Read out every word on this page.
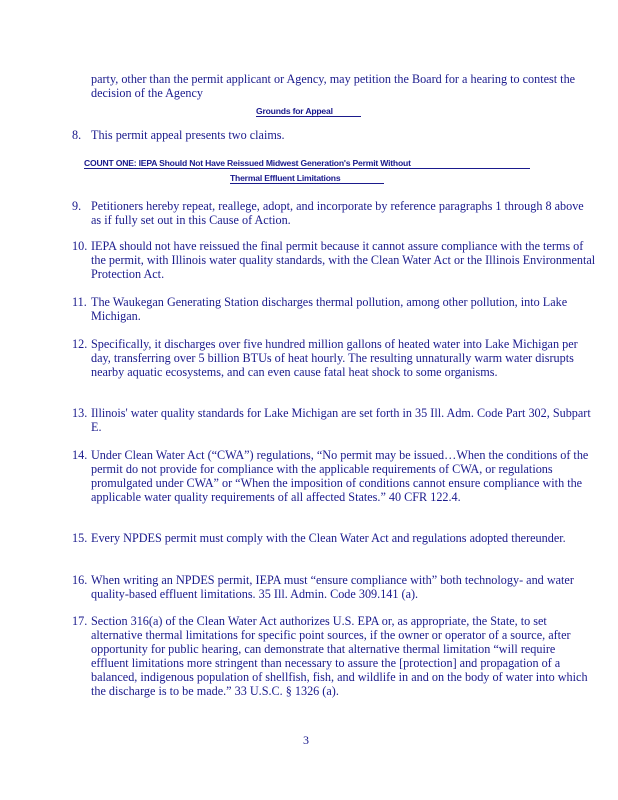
party, other than the permit applicant or Agency, may petition the Board for a hearing to contest the decision of the Agency
Grounds for Appeal
8. This permit appeal presents two claims.
COUNT ONE: IEPA Should Not Have Reissued Midwest Generation's Permit Without
Thermal Effluent Limitations
9. Petitioners hereby repeat, reallege, adopt, and incorporate by reference paragraphs 1 through 8 above as if fully set out in this Cause of Action.
10. IEPA should not have reissued the final permit because it cannot assure compliance with the terms of the permit, with Illinois water quality standards, with the Clean Water Act or the Illinois Environmental Protection Act.
11. The Waukegan Generating Station discharges thermal pollution, among other pollution, into Lake Michigan.
12. Specifically, it discharges over five hundred million gallons of heated water into Lake Michigan per day, transferring over 5 billion BTUs of heat hourly. The resulting unnaturally warm water disrupts nearby aquatic ecosystems, and can even cause fatal heat shock to some organisms.
13. Illinois' water quality standards for Lake Michigan are set forth in 35 Ill. Adm. Code Part 302, Subpart E.
14. Under Clean Water Act (“CWA”) regulations, “No permit may be issued…When the conditions of the permit do not provide for compliance with the applicable requirements of CWA, or regulations promulgated under CWA” or “When the imposition of conditions cannot ensure compliance with the applicable water quality requirements of all affected States.” 40 CFR 122.4.
15. Every NPDES permit must comply with the Clean Water Act and regulations adopted thereunder.
16. When writing an NPDES permit, IEPA must “ensure compliance with” both technology- and water quality-based effluent limitations. 35 Ill. Admin. Code 309.141 (a).
17. Section 316(a) of the Clean Water Act authorizes U.S. EPA or, as appropriate, the State, to set alternative thermal limitations for specific point sources, if the owner or operator of a source, after opportunity for public hearing, can demonstrate that alternative thermal limitation “will require effluent limitations more stringent than necessary to assure the [protection] and propagation of a balanced, indigenous population of shellfish, fish, and wildlife in and on the body of water into which the discharge is to be made.” 33 U.S.C. § 1326 (a).
3
